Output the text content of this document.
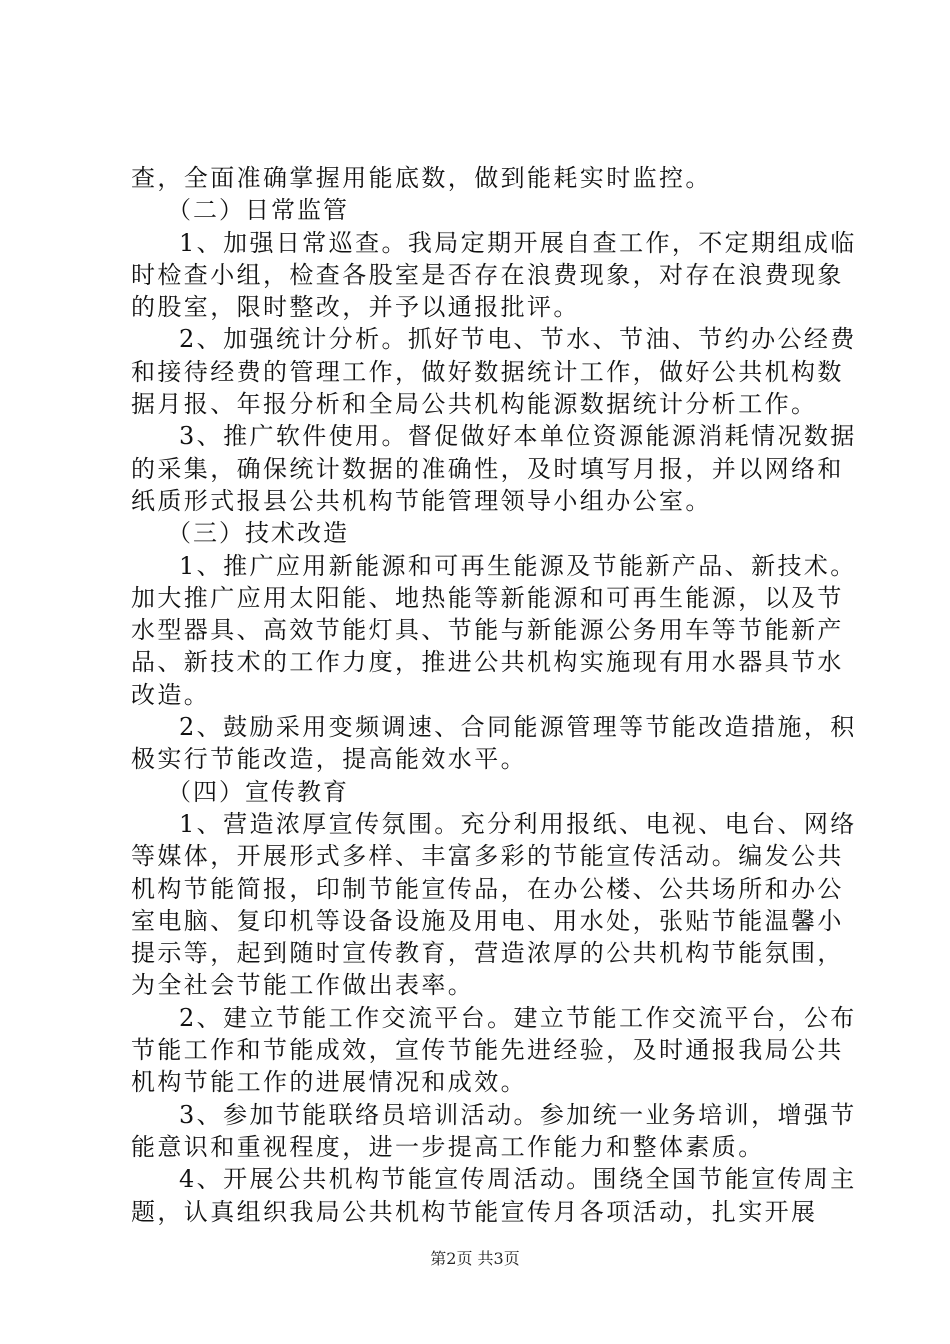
查，全面准确掌握用能底数，做到能耗实时监控。

（二）日常监管

1、加强日常巡查。我局定期开展自查工作，不定期组成临

时检查小组，检查各股室是否存在浪费现象，对存在浪费现象

的股室，限时整改，并予以通报批评。

2、加强统计分析。抓好节电、节水、节油、节约办公经费

和接待经费的管理工作，做好数据统计工作，做好公共机构数

据月报、年报分析和全局公共机构能源数据统计分析工作。

3、推广软件使用。督促做好本单位资源能源消耗情况数据

的采集，确保统计数据的准确性，及时填写月报，并以网络和

纸质形式报县公共机构节能管理领导小组办公室。

（三）技术改造

1、推广应用新能源和可再生能源及节能新产品、新技术。

加大推广应用太阳能、地热能等新能源和可再生能源，以及节

水型器具、高效节能灯具、节能与新能源公务用车等节能新产

品、新技术的工作力度，推进公共机构实施现有用水器具节水

改造。

2、鼓励采用变频调速、合同能源管理等节能改造措施，积

极实行节能改造，提高能效水平。

（四）宣传教育

1、营造浓厚宣传氛围。充分利用报纸、电视、电台、网络

等媒体，开展形式多样、丰富多彩的节能宣传活动。编发公共

机构节能简报，印制节能宣传品，在办公楼、公共场所和办公

室电脑、复印机等设备设施及用电、用水处，张贴节能温馨小

提示等，起到随时宣传教育，营造浓厚的公共机构节能氛围，

为全社会节能工作做出表率。

2、建立节能工作交流平台。建立节能工作交流平台，公布

节能工作和节能成效，宣传节能先进经验，及时通报我局公共

机构节能工作的进展情况和成效。

3、参加节能联络员培训活动。参加统一业务培训，增强节

能意识和重视程度，进一步提高工作能力和整体素质。

4、开展公共机构节能宣传周活动。围绕全国节能宣传周主

题，认真组织我局公共机构节能宣传月各项活动，扎实开展

第2页 共3页
